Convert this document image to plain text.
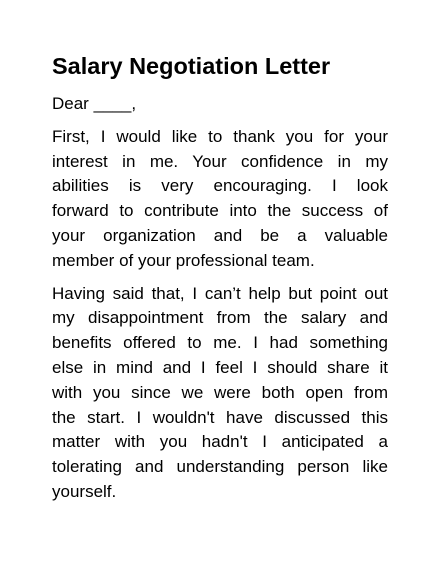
Salary Negotiation Letter
Dear ____,
First, I would like to thank you for your
interest in me. Your confidence in my
abilities is very encouraging. I look
forward to contribute into the success of
your organization and be a valuable
member of your professional team.
Having said that, I can’t help but point out
my disappointment from the salary and
benefits offered to me. I had something
else in mind and I feel I should share it
with you since we were both open from
the start. I wouldn't have discussed this
matter with you hadn't I anticipated a
tolerating and understanding person like
yourself.
